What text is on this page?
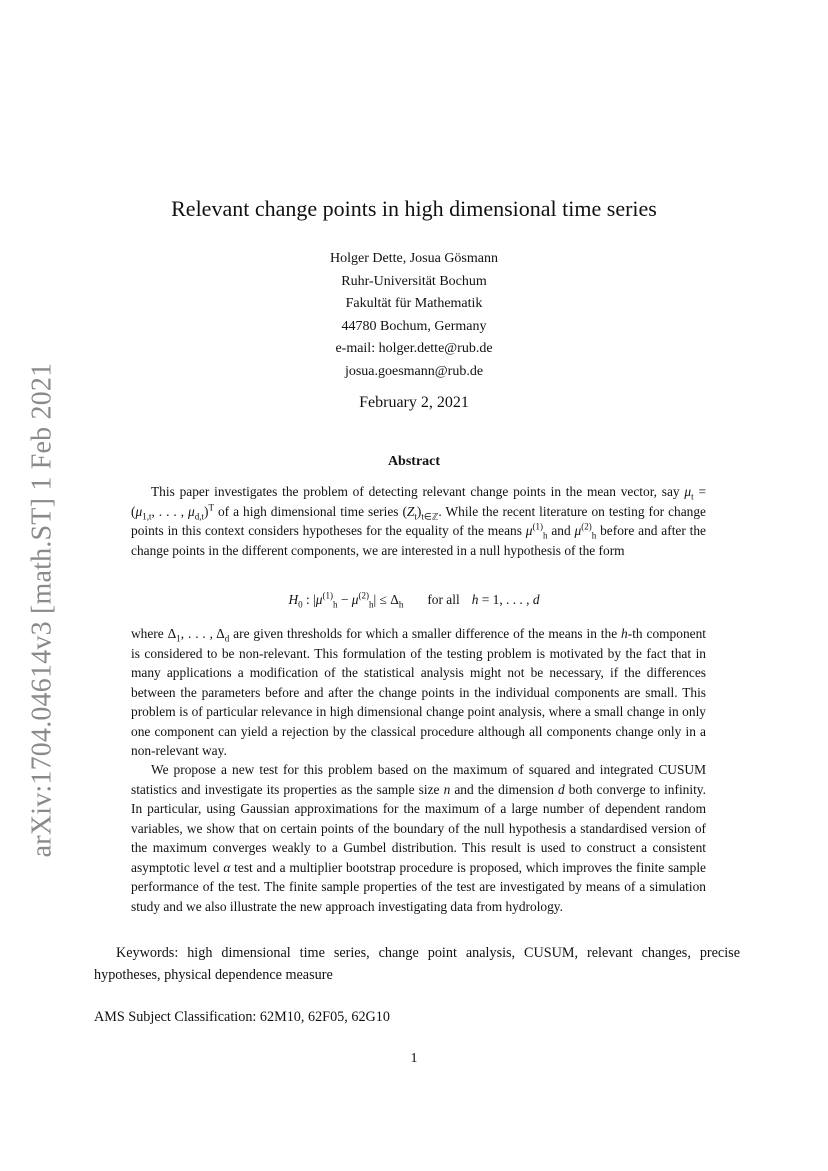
arXiv:1704.04614v3 [math.ST] 1 Feb 2021
Relevant change points in high dimensional time series
Holger Dette, Josua Gösmann
Ruhr-Universität Bochum
Fakultät für Mathematik
44780 Bochum, Germany
e-mail: holger.dette@rub.de
josua.goesmann@rub.de
February 2, 2021
Abstract
This paper investigates the problem of detecting relevant change points in the mean vector, say $\mu_t = (\mu_{1,t}$, . . . , $\mu_{d,t})^T$ of a high dimensional time series $(Z_t)_{t\in ℤ}$. While the recent literature on testing for change points in this context considers hypotheses for the equality of the means $\mu^{(1)}_h$ and $\mu^{(2)}_h$ before and after the change points in the different components, we are interested in a null hypothesis of the form
$H_0$ : $|\mu^{(1)}_h - \mu^{(2)}_h| \le \Delta_h$ for all h = 1, . . . , d
where $\Delta_1$, . . . , $\Delta_d$ are given thresholds for which a smaller difference of the means in the h-th component is considered to be non-relevant. This formulation of the testing problem is motivated by the fact that in many applications a modification of the statistical analysis might not be necessary, if the differences between the parameters before and after the change points in the individual components are small. This problem is of particular relevance in high dimensional change point analysis, where a small change in only one component can yield a rejection by the classical procedure although all components change only in a non-relevant way.
We propose a new test for this problem based on the maximum of squared and integrated CUSUM statistics and investigate its properties as the sample size n and the dimension d both converge to infinity. In particular, using Gaussian approximations for the maximum of a large number of dependent random variables, we show that on certain points of the boundary of the null hypothesis a standardised version of the maximum converges weakly to a Gumbel distribution. This result is used to construct a consistent asymptotic level α test and a multiplier bootstrap procedure is proposed, which improves the finite sample performance of the test. The finite sample properties of the test are investigated by means of a simulation study and we also illustrate the new approach investigating data from hydrology.
Keywords: high dimensional time series, change point analysis, CUSUM, relevant changes, precise hypotheses, physical dependence measure
AMS Subject Classification: 62M10, 62F05, 62G10
1
